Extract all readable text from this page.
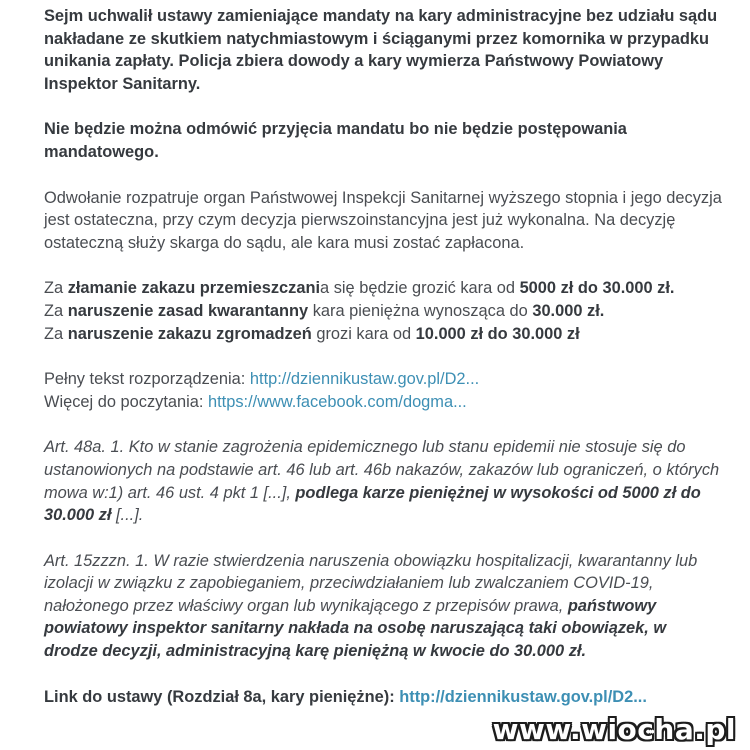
Sejm uchwalił ustawy zamieniające mandaty na kary administracyjne bez udziału sądu nakładane ze skutkiem natychmiastowym i ściąganymi przez komornika w przypadku unikania zapłaty. Policja zbiera dowody a kary wymierza Państwowy Powiatowy Inspektor Sanitarny.

Nie będzie można odmówić przyjęcia mandatu bo nie będzie postępowania mandatowego.

Odwołanie rozpatruje organ Państwowej Inspekcji Sanitarnej wyższego stopnia i jego decyzja jest ostateczna, przy czym decyzja pierwszoinstancyjna jest już wykonalna. Na decyzję ostateczną służy skarga do sądu, ale kara musi zostać zapłacona.

Za złamanie zakazu przemieszczania się będzie grozić kara od 5000 zł do 30.000 zł.
Za naruszenie zasad kwarantanny kara pieniężna wynosząca do 30.000 zł.
Za naruszenie zakazu zgromadzeń grozi kara od 10.000 zł do 30.000 zł

Pełny tekst rozporządzenia: http://dziennikustaw.gov.pl/D2...
Więcej do poczytania: https://www.facebook.com/dogma...

Art. 48a. 1. Kto w stanie zagrożenia epidemicznego lub stanu epidemii nie stosuje się do ustanowionych na podstawie art. 46 lub art. 46b nakazów, zakazów lub ograniczeń, o których mowa w:1) art. 46 ust. 4 pkt 1 [...], podlega karze pieniężnej w wysokości od 5000 zł do 30.000 zł [...].

Art. 15zzzn. 1. W razie stwierdzenia naruszenia obowiązku hospitalizacji, kwarantanny lub izolacji w związku z zapobieganiem, przeciwdziałaniem lub zwalczaniem COVID-19, nałożonego przez właściwy organ lub wynikającego z przepisów prawa, państwowy powiatowy inspektor sanitarny nakłada na osobę naruszającą taki obowiązek, w drodze decyzji, administracyjną karę pieniężną w kwocie do 30.000 zł.

Link do ustawy (Rozdział 8a, kary pieniężne): http://dziennikustaw.gov.pl/D2...

www.wiocha.pl
